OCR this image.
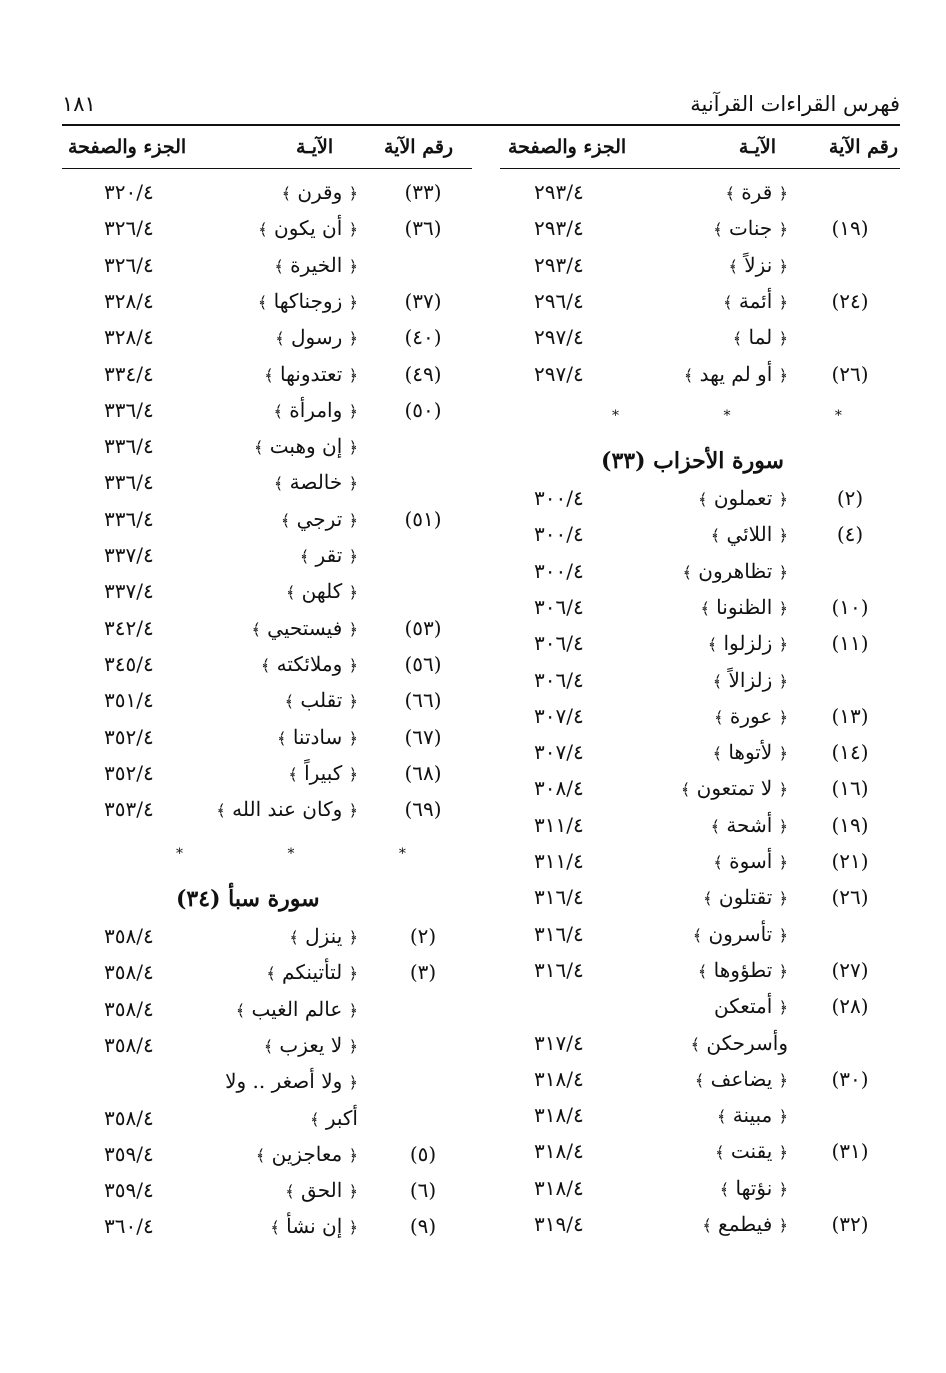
فهرس القراءات القرآنية
١٨١
رقم الآية
الآيـة
الجزء والصفحة
رقم الآية
الآيـة
الجزء والصفحة
﴿ قرة ﴾
٢٩٣/٤
(١٩)
﴿ جنات ﴾
٢٩٣/٤
﴿ نزلاً ﴾
٢٩٣/٤
(٢٤)
﴿ أئمة ﴾
٢٩٦/٤
﴿ لما ﴾
٢٩٧/٤
(٢٦)
﴿ أو لم يهد ﴾
٢٩٧/٤
(٢)
﴿ تعملون ﴾
٣٠٠/٤
(٤)
﴿ اللائي ﴾
٣٠٠/٤
﴿ تظاهرون ﴾
٣٠٠/٤
(١٠)
﴿ الظنونا ﴾
٣٠٦/٤
(١١)
﴿ زلزلوا ﴾
٣٠٦/٤
﴿ زلزالاً ﴾
٣٠٦/٤
(١٣)
﴿ عورة ﴾
٣٠٧/٤
(١٤)
﴿ لأتوها ﴾
٣٠٧/٤
(١٦)
﴿ لا تمتعون ﴾
٣٠٨/٤
(١٩)
﴿ أشحة ﴾
٣١١/٤
(٢١)
﴿ أسوة ﴾
٣١١/٤
(٢٦)
﴿ تقتلون ﴾
٣١٦/٤
﴿ تأسرون ﴾
٣١٦/٤
(٢٧)
﴿ تطؤوها ﴾
٣١٦/٤
(٢٨)
﴿ أمتعكن
وأسرحكن ﴾
٣١٧/٤
(٣٠)
﴿ يضاعف ﴾
٣١٨/٤
﴿ مبينة ﴾
٣١٨/٤
(٣١)
﴿ يقنت ﴾
٣١٨/٤
﴿ نؤتها ﴾
٣١٨/٤
(٣٢)
﴿ فيطمع ﴾
٣١٩/٤
(٣٣)
﴿ وقرن ﴾
٣٢٠/٤
(٣٦)
﴿ أن يكون ﴾
٣٢٦/٤
﴿ الخيرة ﴾
٣٢٦/٤
(٣٧)
﴿ زوجناكها ﴾
٣٢٨/٤
(٤٠)
﴿ رسول ﴾
٣٢٨/٤
(٤٩)
﴿ تعتدونها ﴾
٣٣٤/٤
(٥٠)
﴿ وامرأة ﴾
٣٣٦/٤
﴿ إن وهبت ﴾
٣٣٦/٤
﴿ خالصة ﴾
٣٣٦/٤
(٥١)
﴿ ترجي ﴾
٣٣٦/٤
﴿ تقر ﴾
٣٣٧/٤
﴿ كلهن ﴾
٣٣٧/٤
(٥٣)
﴿ فيستحيي ﴾
٣٤٢/٤
(٥٦)
﴿ وملائكته ﴾
٣٤٥/٤
(٦٦)
﴿ تقلب ﴾
٣٥١/٤
(٦٧)
﴿ سادتنا ﴾
٣٥٢/٤
(٦٨)
﴿ كبيراً ﴾
٣٥٢/٤
(٦٩)
﴿ وكان عند الله ﴾
٣٥٣/٤
(٢)
﴿ ينزل ﴾
٣٥٨/٤
(٣)
﴿ لتأتينكم ﴾
٣٥٨/٤
﴿ عالم الغيب ﴾
٣٥٨/٤
﴿ لا يعزب ﴾
٣٥٨/٤
﴿ ولا أصغر .. ولا
أكبر ﴾
٣٥٨/٤
(٥)
﴿ معاجزين ﴾
٣٥٩/٤
(٦)
﴿ الحق ﴾
٣٥٩/٤
(٩)
﴿ إن نشأ ﴾
٣٦٠/٤
* * *
سورة الأحزاب (٣٣)
* * *
سورة سبأ (٣٤)
